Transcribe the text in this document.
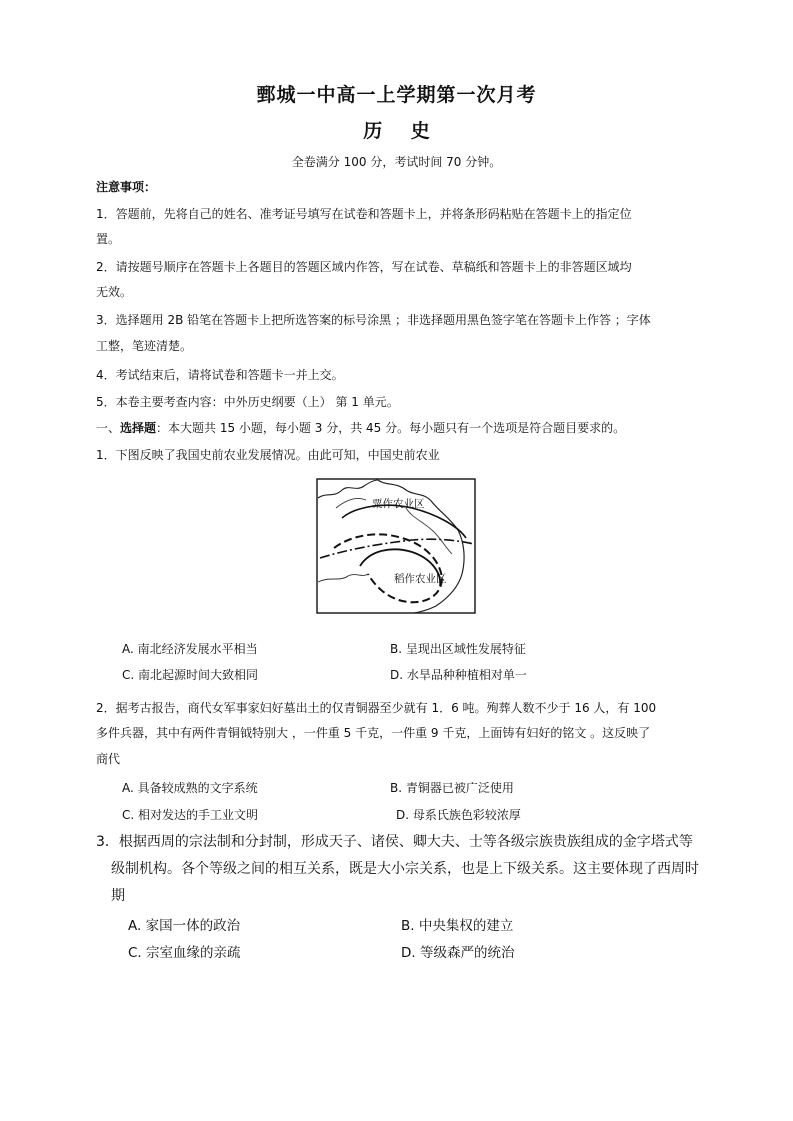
鄄城一中高一上学期第一次月考
历 史
全卷满分 100 分，考试时间 70 分钟。
注意事项：
1．答题前，先将自己的姓名、准考证号填写在试卷和答题卡上，并将条形码粘贴在答题卡上的指定位
置。
2．请按题号顺序在答题卡上各题目的答题区域内作答，写在试卷、草稿纸和答题卡上的非答题区域均
无效。
3．选择题用 2B 铅笔在答题卡上把所选答案的标号涂黑 ；非选择题用黑色签字笔在答题卡上作答 ；字体
工整，笔迹清楚。
4．考试结束后，请将试卷和答题卡一并上交。
5．本卷主要考查内容：中外历史纲要（上） 第 1 单元。
一、选择题：本大题共 15 小题，每小题 3 分，共 45 分。每小题只有一个选项是符合题目要求的。
1．下图反映了我国史前农业发展情况。由此可知，中国史前农业
粟作农业区
稻作农业区
A. 南北经济发展水平相当	B. 呈现出区域性发展特征
C. 南北起源时间大致相同	D. 水旱品种种植相对单一
2．据考古报告，商代女军事家妇好墓出土的仅青铜器至少就有 1．6 吨。殉葬人数不少于 16 人，有 100
多件兵器，其中有两件青铜钺特别大 ，一件重 5 千克，一件重 9 千克，上面铸有妇好的铭文 。这反映了
商代
A. 具备较成熟的文字系统	B. 青铜器已被广泛使用
C. 相对发达的手工业文明	D. 母系氏族色彩较浓厚
3．根据西周的宗法制和分封制，形成天子、诸侯、卿大夫、士等各级宗族贵族组成的金字塔式等
级制机构。各个等级之间的相互关系，既是大小宗关系，也是上下级关系。这主要体现了西周时
期
A. 家国一体的政治	B. 中央集权的建立
C. 宗室血缘的亲疏	D. 等级森严的统治
